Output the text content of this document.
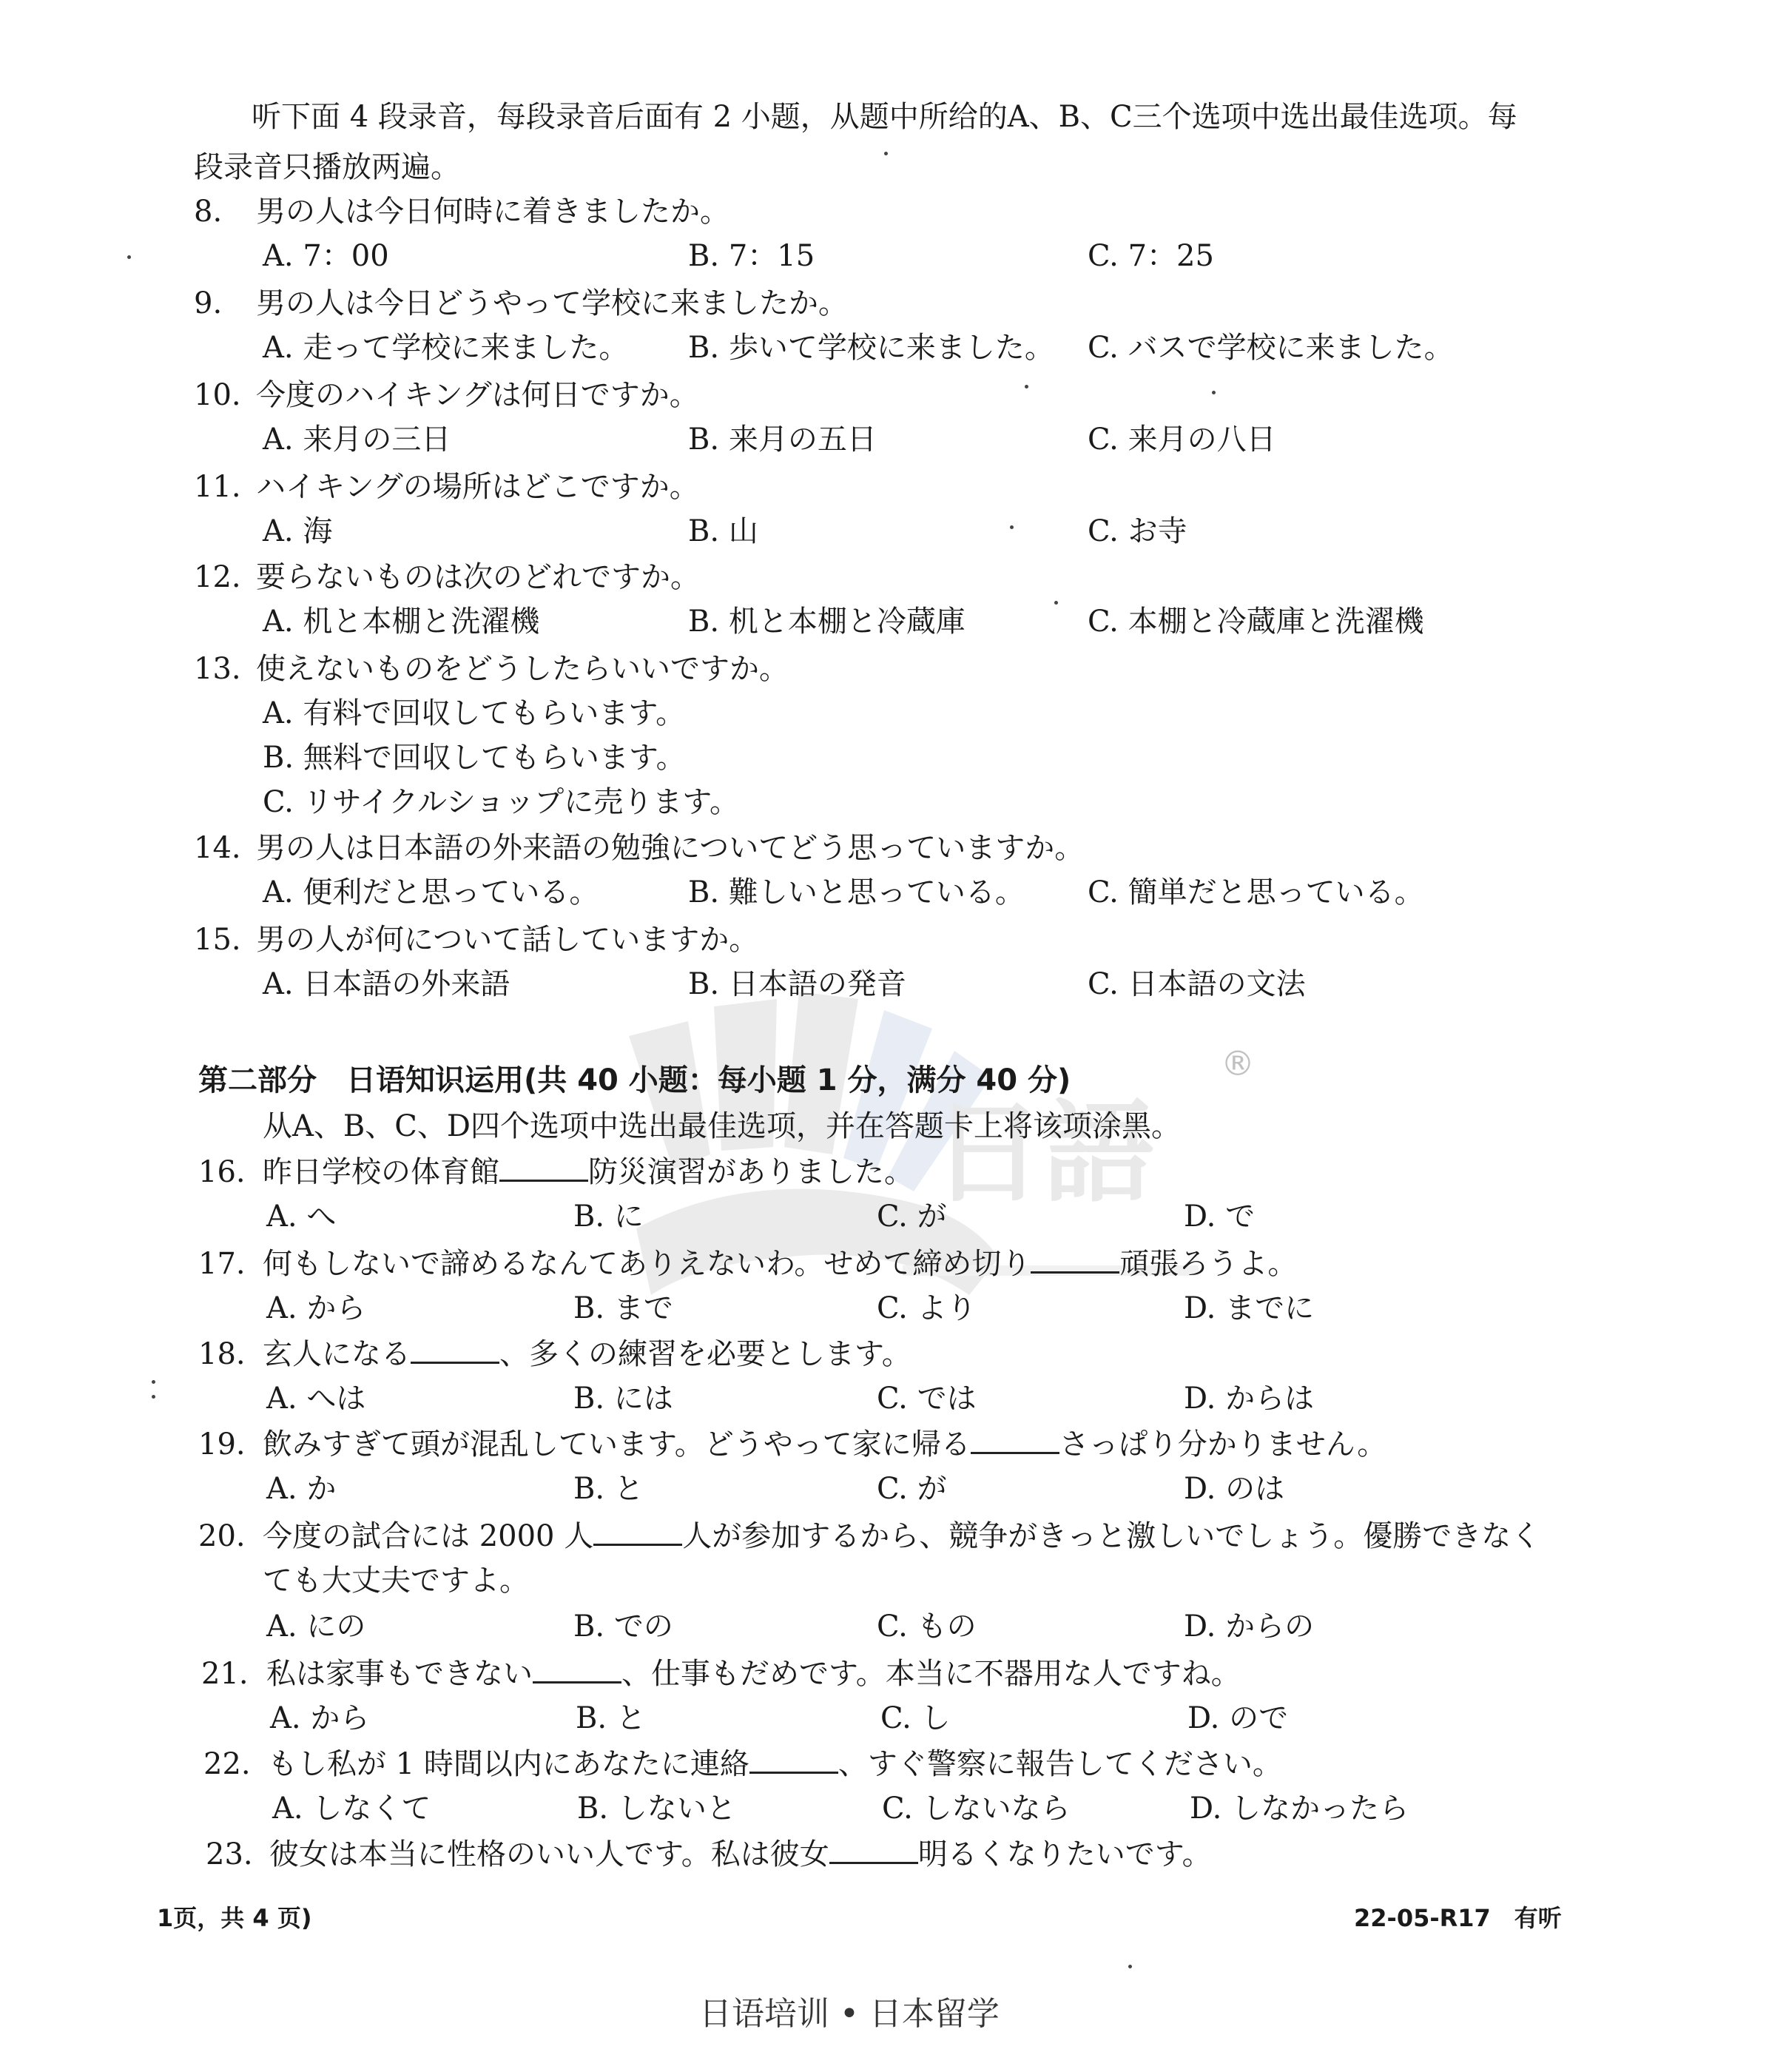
听下面 4 段录音，每段录音后面有 2 小题，从题中所给的A、B、C三个选项中选出最佳选项。每
段录音只播放两遍。
8. 男の人は今日何時に着きましたか。
A. 7：00	B. 7：15	C. 7：25
9. 男の人は今日どうやって学校に来ましたか。
A. 走って学校に来ました。 B. 歩いて学校に来ました。 C. バスで学校に来ました。
10. 今度のハイキングは何日ですか。
A. 来月の三日	B. 来月の五日	C. 来月の八日
11. ハイキングの場所はどこですか。
A. 海	B. 山	C. お寺
12. 要らないものは次のどれですか。
A. 机と本棚と洗濯機	B. 机と本棚と冷蔵庫	C. 本棚と冷蔵庫と洗濯機
13. 使えないものをどうしたらいいですか。
A. 有料で回収してもらいます。
B. 無料で回収してもらいます。
C. リサイクルショップに売ります。
14. 男の人は日本語の外来語の勉強についてどう思っていますか。
A. 便利だと思っている。	B. 難しいと思っている。 C. 簡単だと思っている。
15. 男の人が何について話していますか。
A. 日本語の外来語	B. 日本語の発音	C. 日本語の文法
日語
®
第二部分　日语知识运用(共 40 小题：每小题 1 分，满分 40 分)
从A、B、C、D四个选项中选出最佳选项，并在答题卡上将该项涂黑。
16. 昨日学校の体育館	防災演習がありました。
A. へ	B. に	C. が	D. で
17. 何もしないで諦めるなんてありえないわ。せめて締め切り	頑張ろうよ。
A. から	B. まで	C. より	D. までに
18. 玄人になる	、多くの練習を必要とします。
A. へは	B. には	C. では	D. からは
19. 飲みすぎて頭が混乱しています。どうやって家に帰る	さっぱり分かりません。
A. か	B. と	C. が	D. のは
20. 今度の試合には 2000 人	人が参加するから、競争がきっと激しいでしょう。優勝できなく
ても大丈夫ですよ。
A. にの	B. での	C. もの	D. からの
21. 私は家事もできない	、仕事もだめです。本当に不器用な人ですね。
A. から	B. と	C. し	D. ので
22. もし私が 1 時間以内にあなたに連絡	、すぐ警察に報告してください。
A. しなくて	B. しないと	C. しないなら	D. しなかったら
23. 彼女は本当に性格のいい人です。私は彼女	明るくなりたいです。
1页，共 4 页)	22-05-R17　有听
日语培训 • 日本留学
